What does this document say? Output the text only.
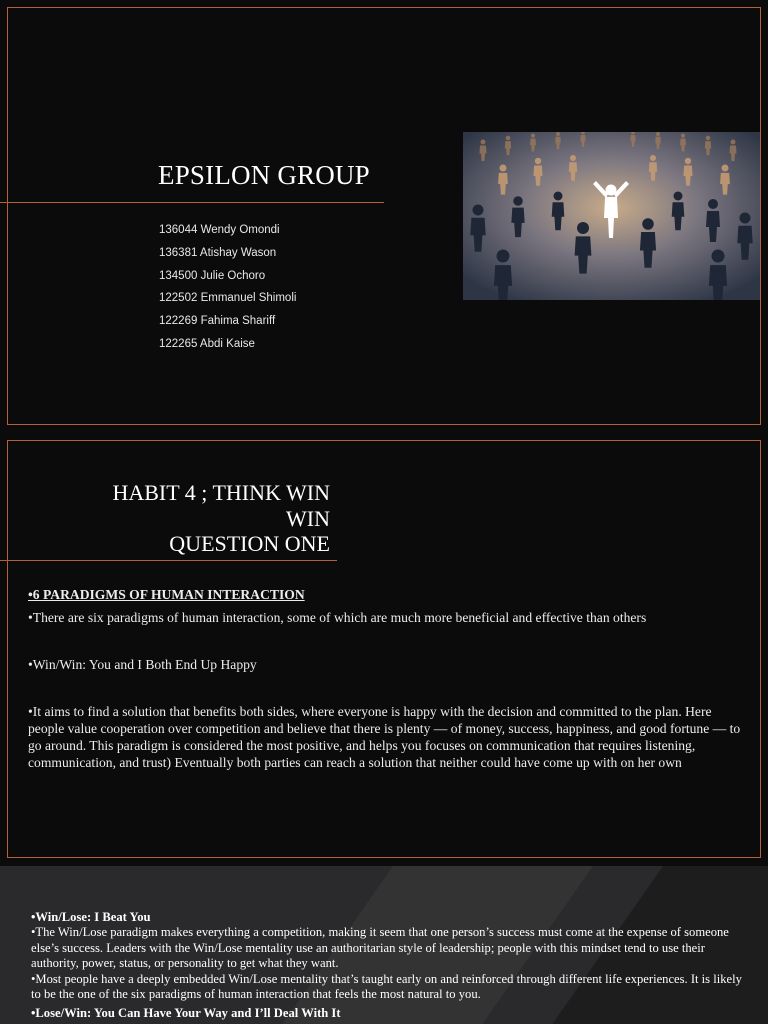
EPSILON GROUP
136044 Wendy Omondi
136381 Atishay Wason
134500 Julie Ochoro
122502 Emmanuel Shimoli
122269 Fahima Shariff
122265 Abdi Kaise
HABIT 4 ; THINK WIN
WIN
QUESTION ONE

•6 PARADIGMS OF HUMAN INTERACTION

•There are six paradigms of human interaction, some of which are much more beneficial and effective than others

•Win/Win: You and I Both End Up Happy

•It aims to find a solution that benefits both sides, where everyone is happy with the decision and committed to the plan. Here people value cooperation over competition and believe that there is plenty — of money, success, happiness, and good fortune — to go around. This paradigm is considered the most positive, and helps you focuses on communication that requires listening, communication, and trust) Eventually both parties can reach a solution that neither could have come up with on her own

•Win/Lose: I Beat You
•The Win/Lose paradigm makes everything a competition, making it seem that one person’s success must come at the expense of someone else’s success. Leaders with the Win/Lose mentality use an authoritarian style of leadership; people with this mindset tend to use their authority, power, status, or personality to get what they want.
•Most people have a deeply embedded Win/Lose mentality that’s taught early on and reinforced through different life experiences. It is likely to be the one of the six paradigms of human interaction that feels the most natural to you.
•Lose/Win: You Can Have Your Way and I’ll Deal With It
